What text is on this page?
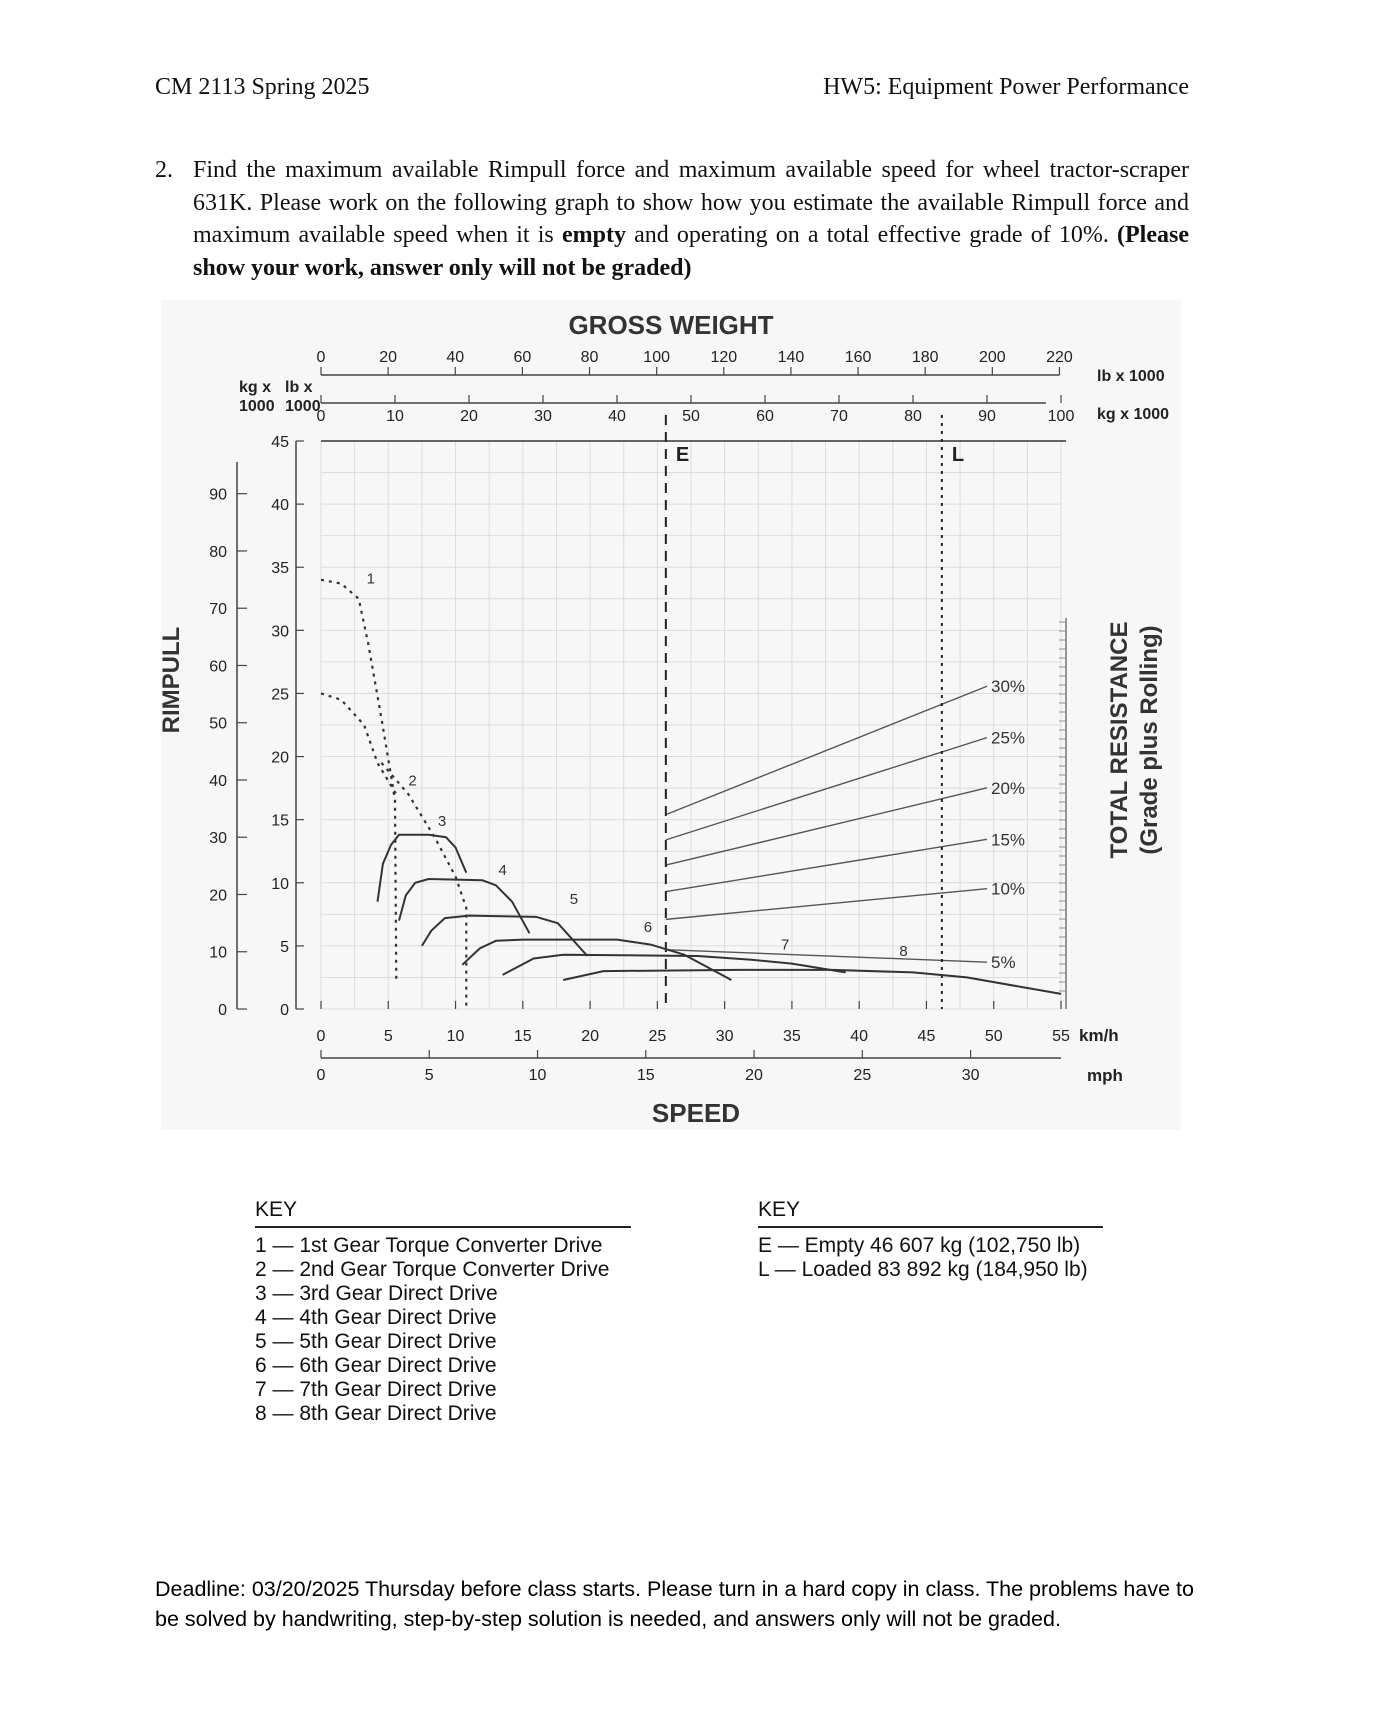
CM 2113 Spring 2025	HW5: Equipment Power Performance
2. Find the maximum available Rimpull force and maximum available speed for wheel tractor-scraper 631K. Please work on the following graph to show how you estimate the available Rimpull force and maximum available speed when it is empty and operating on a total effective grade of 10%. (Please show your work, answer only will not be graded)
GROSS WEIGHT
0	20	40	60	80	100	120	140	160	180	200	220
lb x
1000
lb x 1000
0	10	20	30	40	50	60	70	80	90	100
kg x
1000	kg x 1000
0
5
10
15
20
25
30
35
40
45
0
10
20
30
40
50
60
70
80
90
RIMPULL
0	5	10	15	20	25	30	35	40	45	50	55 km/h
0	5	10	15	20	25	30	mph
SPEED
TOTAL RESISTANCE (Grade plus Rolling)
5%
10%
15%
20%
25%
30%
E	L
1
2
3
4
5
6
7	8
KEY
1 — 1st Gear Torque Converter Drive
2 — 2nd Gear Torque Converter Drive
3 — 3rd Gear Direct Drive
4 — 4th Gear Direct Drive
5 — 5th Gear Direct Drive
6 — 6th Gear Direct Drive
7 — 7th Gear Direct Drive
8 — 8th Gear Direct Drive
KEY
E — Empty 46 607 kg (102,750 lb)
L — Loaded 83 892 kg (184,950 lb)
Deadline: 03/20/2025 Thursday before class starts. Please turn in a hard copy in class. The problems have to be solved by handwriting, step-by-step solution is needed, and answers only will not be graded.
